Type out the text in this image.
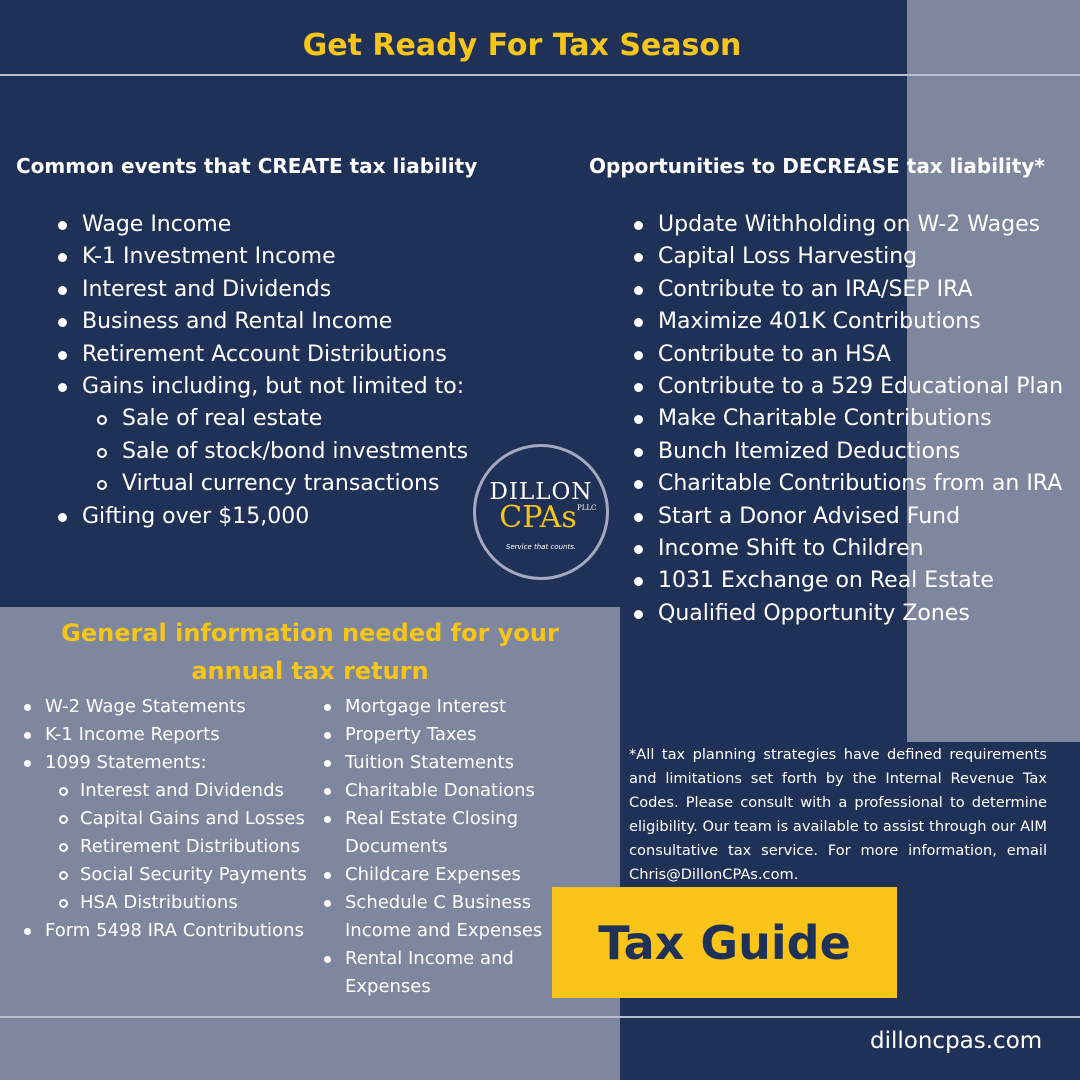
Get Ready For Tax Season
Common events that CREATE tax liability	Opportunities to DECREASE tax liability*
Wage Income
K-1 Investment Income
Interest and Dividends
Business and Rental Income
Retirement Account Distributions
Gains including, but not limited to:
Sale of real estate
Sale of stock/bond investments
Virtual currency transactions
Gifting over $15,000
Update Withholding on W-2 Wages
Capital Loss Harvesting
Contribute to an IRA/SEP IRA
Maximize 401K Contributions
Contribute to an HSA
Contribute to a 529 Educational Plan
Make Charitable Contributions
Bunch Itemized Deductions
Charitable Contributions from an IRA
Start a Donor Advised Fund
Income Shift to Children
1031 Exchange on Real Estate
Qualified Opportunity Zones
DILLON
PLLC
CPAs
Service that counts.
General information needed for your annual tax return
W-2 Wage Statements
K-1 Income Reports
1099 Statements:
Interest and Dividends
Capital Gains and Losses
Retirement Distributions
Social Security Payments
HSA Distributions
Form 5498 IRA Contributions
Mortgage Interest
Property Taxes
Tuition Statements
Charitable Donations
Real Estate Closing
Documents
Childcare Expenses
Schedule C Business
Income and Expenses
Rental Income and
Expenses
*All tax planning strategies have defined requirements and limitations set forth by the Internal Revenue Tax Codes. Please consult with a professional to determine eligibility. Our team is available to assist through our AIM consultative tax service. For more information, email Chris@DillonCPAs.com.
Tax Guide
dilloncpas.com
